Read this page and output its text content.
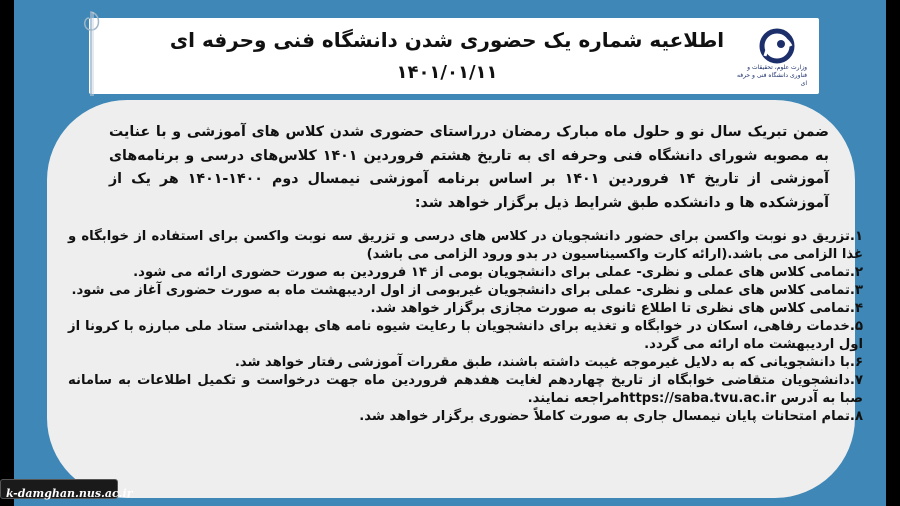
اطلاعیه شماره یک حضوری شدن دانشگاه فنی وحرفه ای
۱۴۰۱/۰۱/۱۱	وزارت علوم، تحقیقات و فناوری دانشگاه فنی و حرفه ای
ضمن تبریک سال نو و حلول ماه مبارک رمضان درراستای حضوری شدن کلاس های آموزشی و با عنایت به مصوبه شورای دانشگاه فنی وحرفه ای به تاریخ هشتم فروردین ۱۴۰۱ کلاس‌های درسی و برنامه‌های آموزشی از تاریخ ۱۴ فروردین ۱۴۰۱ بر اساس برنامه آموزشی نیمسال دوم ۱۴۰۰-۱۴۰۱ هر یک از آموزشکده ها و دانشکده طبق شرایط ذیل برگزار خواهد شد:
۱.تزریق دو نوبت واکسن برای حضور دانشجویان در کلاس های درسی و تزریق سه نوبت واکسن برای استفاده از خوابگاه و غذا الزامی می باشد.(ارائه کارت واکسیناسیون در بدو ورود الزامی می باشد)
۲.تمامی کلاس های عملی و نظری- عملی برای دانشجویان بومی از ۱۴ فروردین به صورت حضوری ارائه می شود.
۳.تمامی کلاس های عملی و نظری- عملی برای دانشجویان غیربومی از اول اردیبهشت ماه به صورت حضوری آغاز می شود.
۴.تمامی کلاس های نظری تا اطلاع ثانوی به صورت مجازی برگزار خواهد شد.
۵.خدمات رفاهی، اسکان در خوابگاه و تغذیه برای دانشجویان با رعایت شیوه نامه های بهداشتی ستاد ملی مبارزه با کرونا از اول اردیبهشت ماه ارائه می گردد.
۶.با دانشجویانی که به دلایل غیرموجه غیبت داشته باشند، طبق مقررات آموزشی رفتار خواهد شد.
۷.دانشجویان متقاضی خوابگاه از تاریخ چهاردهم لغایت هفدهم فروردین ماه جهت درخواست و تکمیل اطلاعات به سامانه صبا به آدرس https://saba.tvu.ac.irمراجعه نمایند.
۸.تمام امتحانات پایان نیمسال جاری به صورت کاملاً حضوری برگزار خواهد شد.
k-damghan.nus.ac.ir
